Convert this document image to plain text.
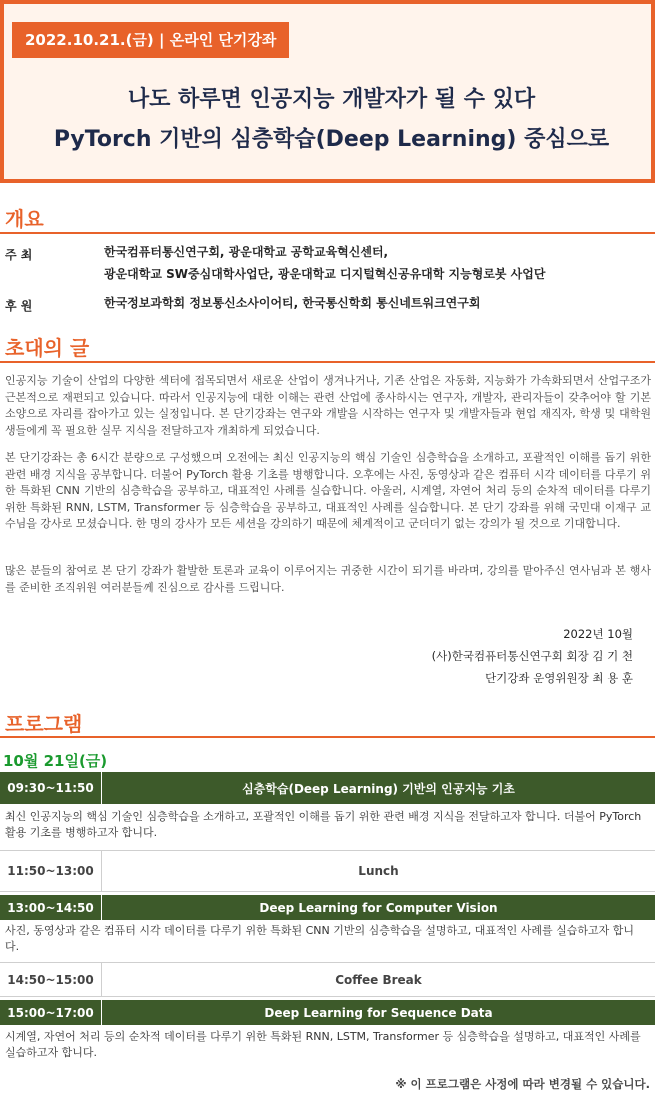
2022.10.21.(금) | 온라인 단기강좌
나도 하루면 인공지능 개발자가 될 수 있다
PyTorch 기반의 심층학습(Deep Learning) 중심으로
개요
주 최	한국컴퓨터통신연구회, 광운대학교 공학교육혁신센터,
광운대학교 SW중심대학사업단, 광운대학교 디지털혁신공유대학 지능형로봇 사업단
후 원	한국정보과학회 정보통신소사이어티, 한국통신학회 통신네트워크연구회
초대의 글
인공지능 기술이 산업의 다양한 섹터에 접목되면서 새로운 산업이 생겨나거나, 기존 산업은 자동화, 지능화가 가속화되면서 산업구조가 근본적으로 재편되고 있습니다. 따라서 인공지능에 대한 이해는 관련 산업에 종사하시는 연구자, 개발자, 관리자들이 갖추어야 할 기본 소양으로 자리를 잡아가고 있는 실정입니다. 본 단기강좌는 연구와 개발을 시작하는 연구자 및 개발자들과 현업 재직자, 학생 및 대학원생들에게 꼭 필요한 실무 지식을 전달하고자 개최하게 되었습니다.
본 단기강좌는 총 6시간 분량으로 구성했으며 오전에는 최신 인공지능의 핵심 기술인 심층학습을 소개하고, 포괄적인 이해를 돕기 위한 관련 배경 지식을 공부합니다. 더불어 PyTorch 활용 기초를 병행합니다. 오후에는 사진, 동영상과 같은 컴퓨터 시각 데이터를 다루기 위한 특화된 CNN 기반의 심층학습을 공부하고, 대표적인 사례를 실습합니다. 아울러, 시계열, 자연어 처리 등의 순차적 데이터를 다루기 위한 특화된 RNN, LSTM, Transformer 등 심층학습을 공부하고, 대표적인 사례를 실습합니다. 본 단기 강좌를 위해 국민대 이재구 교수님을 강사로 모셨습니다. 한 명의 강사가 모든 세션을 강의하기 때문에 체계적이고 군더더기 없는 강의가 될 것으로 기대합니다.
많은 분들의 참여로 본 단기 강좌가 활발한 토론과 교육이 이루어지는 귀중한 시간이 되기를 바라며, 강의를 맡아주신 연사님과 본 행사를 준비한 조직위원 여러분들께 진심으로 감사를 드립니다.
2022년 10월
(사)한국컴퓨터통신연구회 회장 김 기 천
단기강좌 운영위원장 최 용 훈
프로그램
10월 21일(금)
09:30~11:50	심층학습(Deep Learning) 기반의 인공지능 기초
최신 인공지능의 핵심 기술인 심층학습을 소개하고, 포괄적인 이해를 돕기 위한 관련 배경 지식을 전달하고자 합니다. 더불어 PyTorch 활용 기초를 병행하고자 합니다.
11:50~13:00	Lunch
13:00~14:50	Deep Learning for Computer Vision
사진, 동영상과 같은 컴퓨터 시각 데이터를 다루기 위한 특화된 CNN 기반의 심층학습을 설명하고, 대표적인 사례를 실습하고자 합니다.
14:50~15:00	Coffee Break
15:00~17:00	Deep Learning for Sequence Data
시계열, 자연어 처리 등의 순차적 데이터를 다루기 위한 특화된 RNN, LSTM, Transformer 등 심층학습을 설명하고, 대표적인 사례를 실습하고자 합니다.
※ 이 프로그램은 사정에 따라 변경될 수 있습니다.
